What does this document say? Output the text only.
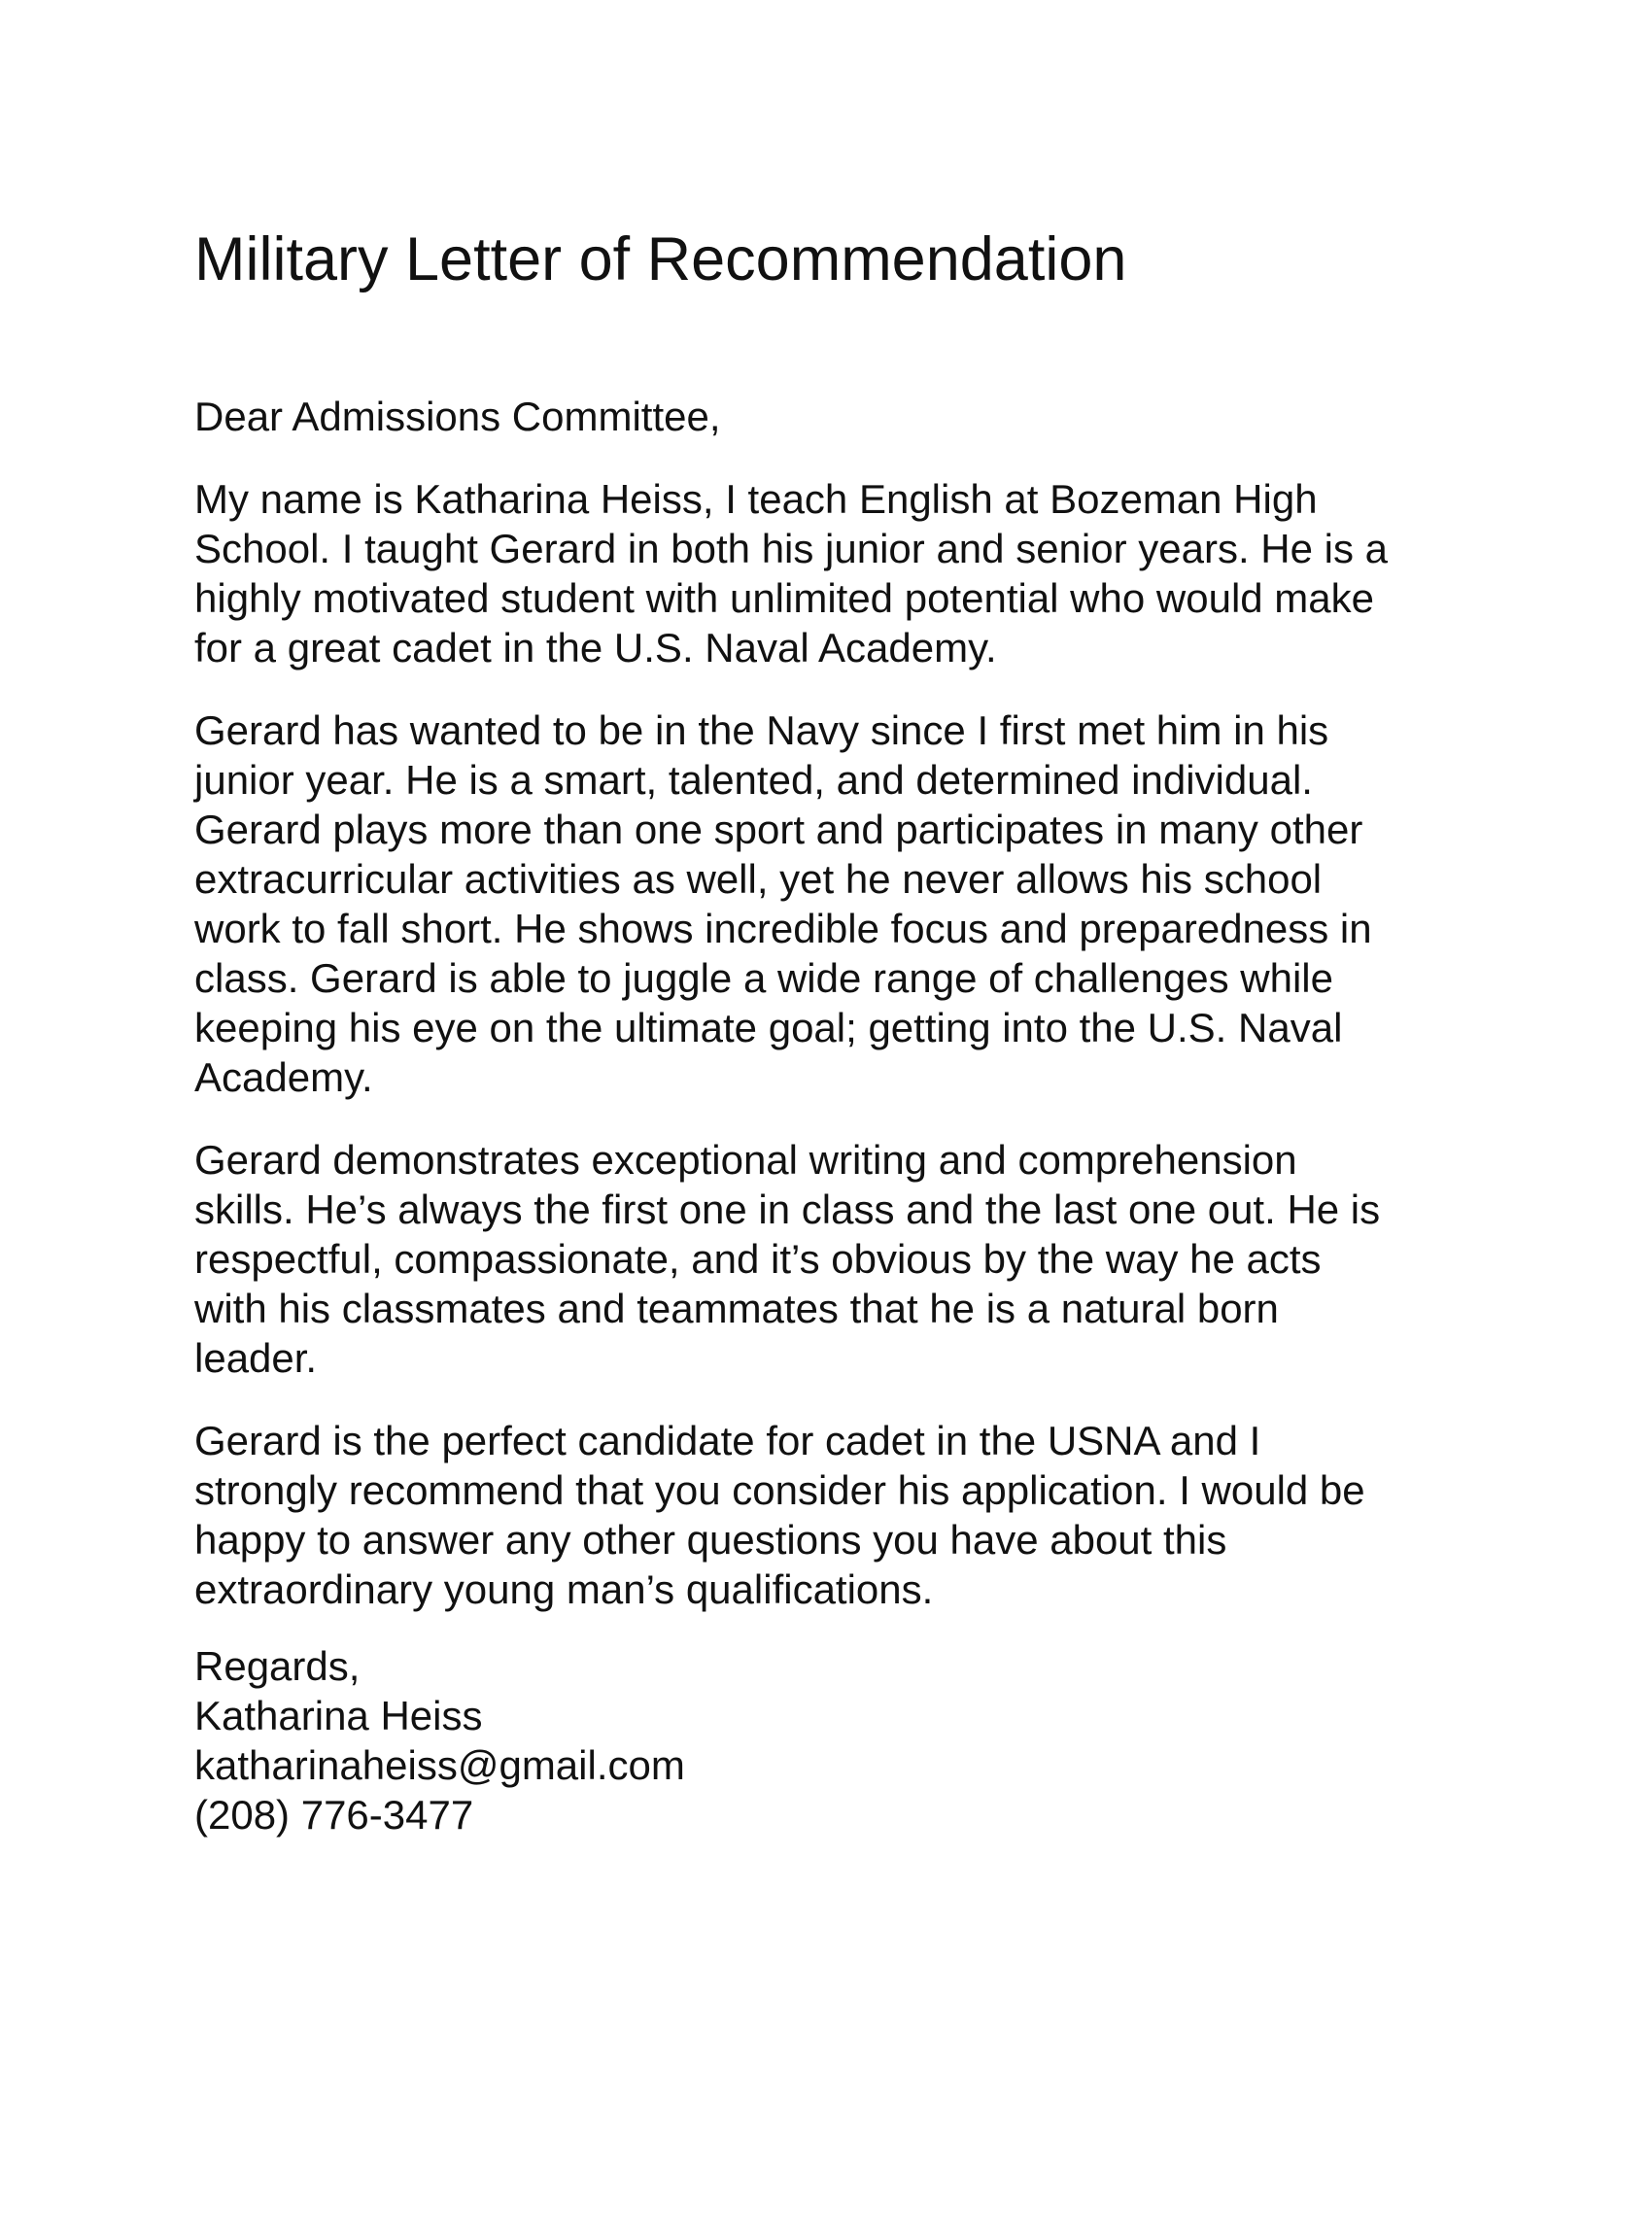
Military Letter of Recommendation

Dear Admissions Committee,

My name is Katharina Heiss, I teach English at Bozeman High
School. I taught Gerard in both his junior and senior years. He is a
highly motivated student with unlimited potential who would make
for a great cadet in the U.S. Naval Academy.

Gerard has wanted to be in the Navy since I first met him in his
junior year. He is a smart, talented, and determined individual.
Gerard plays more than one sport and participates in many other
extracurricular activities as well, yet he never allows his school
work to fall short. He shows incredible focus and preparedness in
class. Gerard is able to juggle a wide range of challenges while
keeping his eye on the ultimate goal; getting into the U.S. Naval
Academy.

Gerard demonstrates exceptional writing and comprehension
skills. He’s always the first one in class and the last one out. He is
respectful, compassionate, and it’s obvious by the way he acts
with his classmates and teammates that he is a natural born
leader.

Gerard is the perfect candidate for cadet in the USNA and I
strongly recommend that you consider his application. I would be
happy to answer any other questions you have about this
extraordinary young man’s qualifications.

Regards,
Katharina Heiss
katharinaheiss@gmail.com
(208) 776-3477
